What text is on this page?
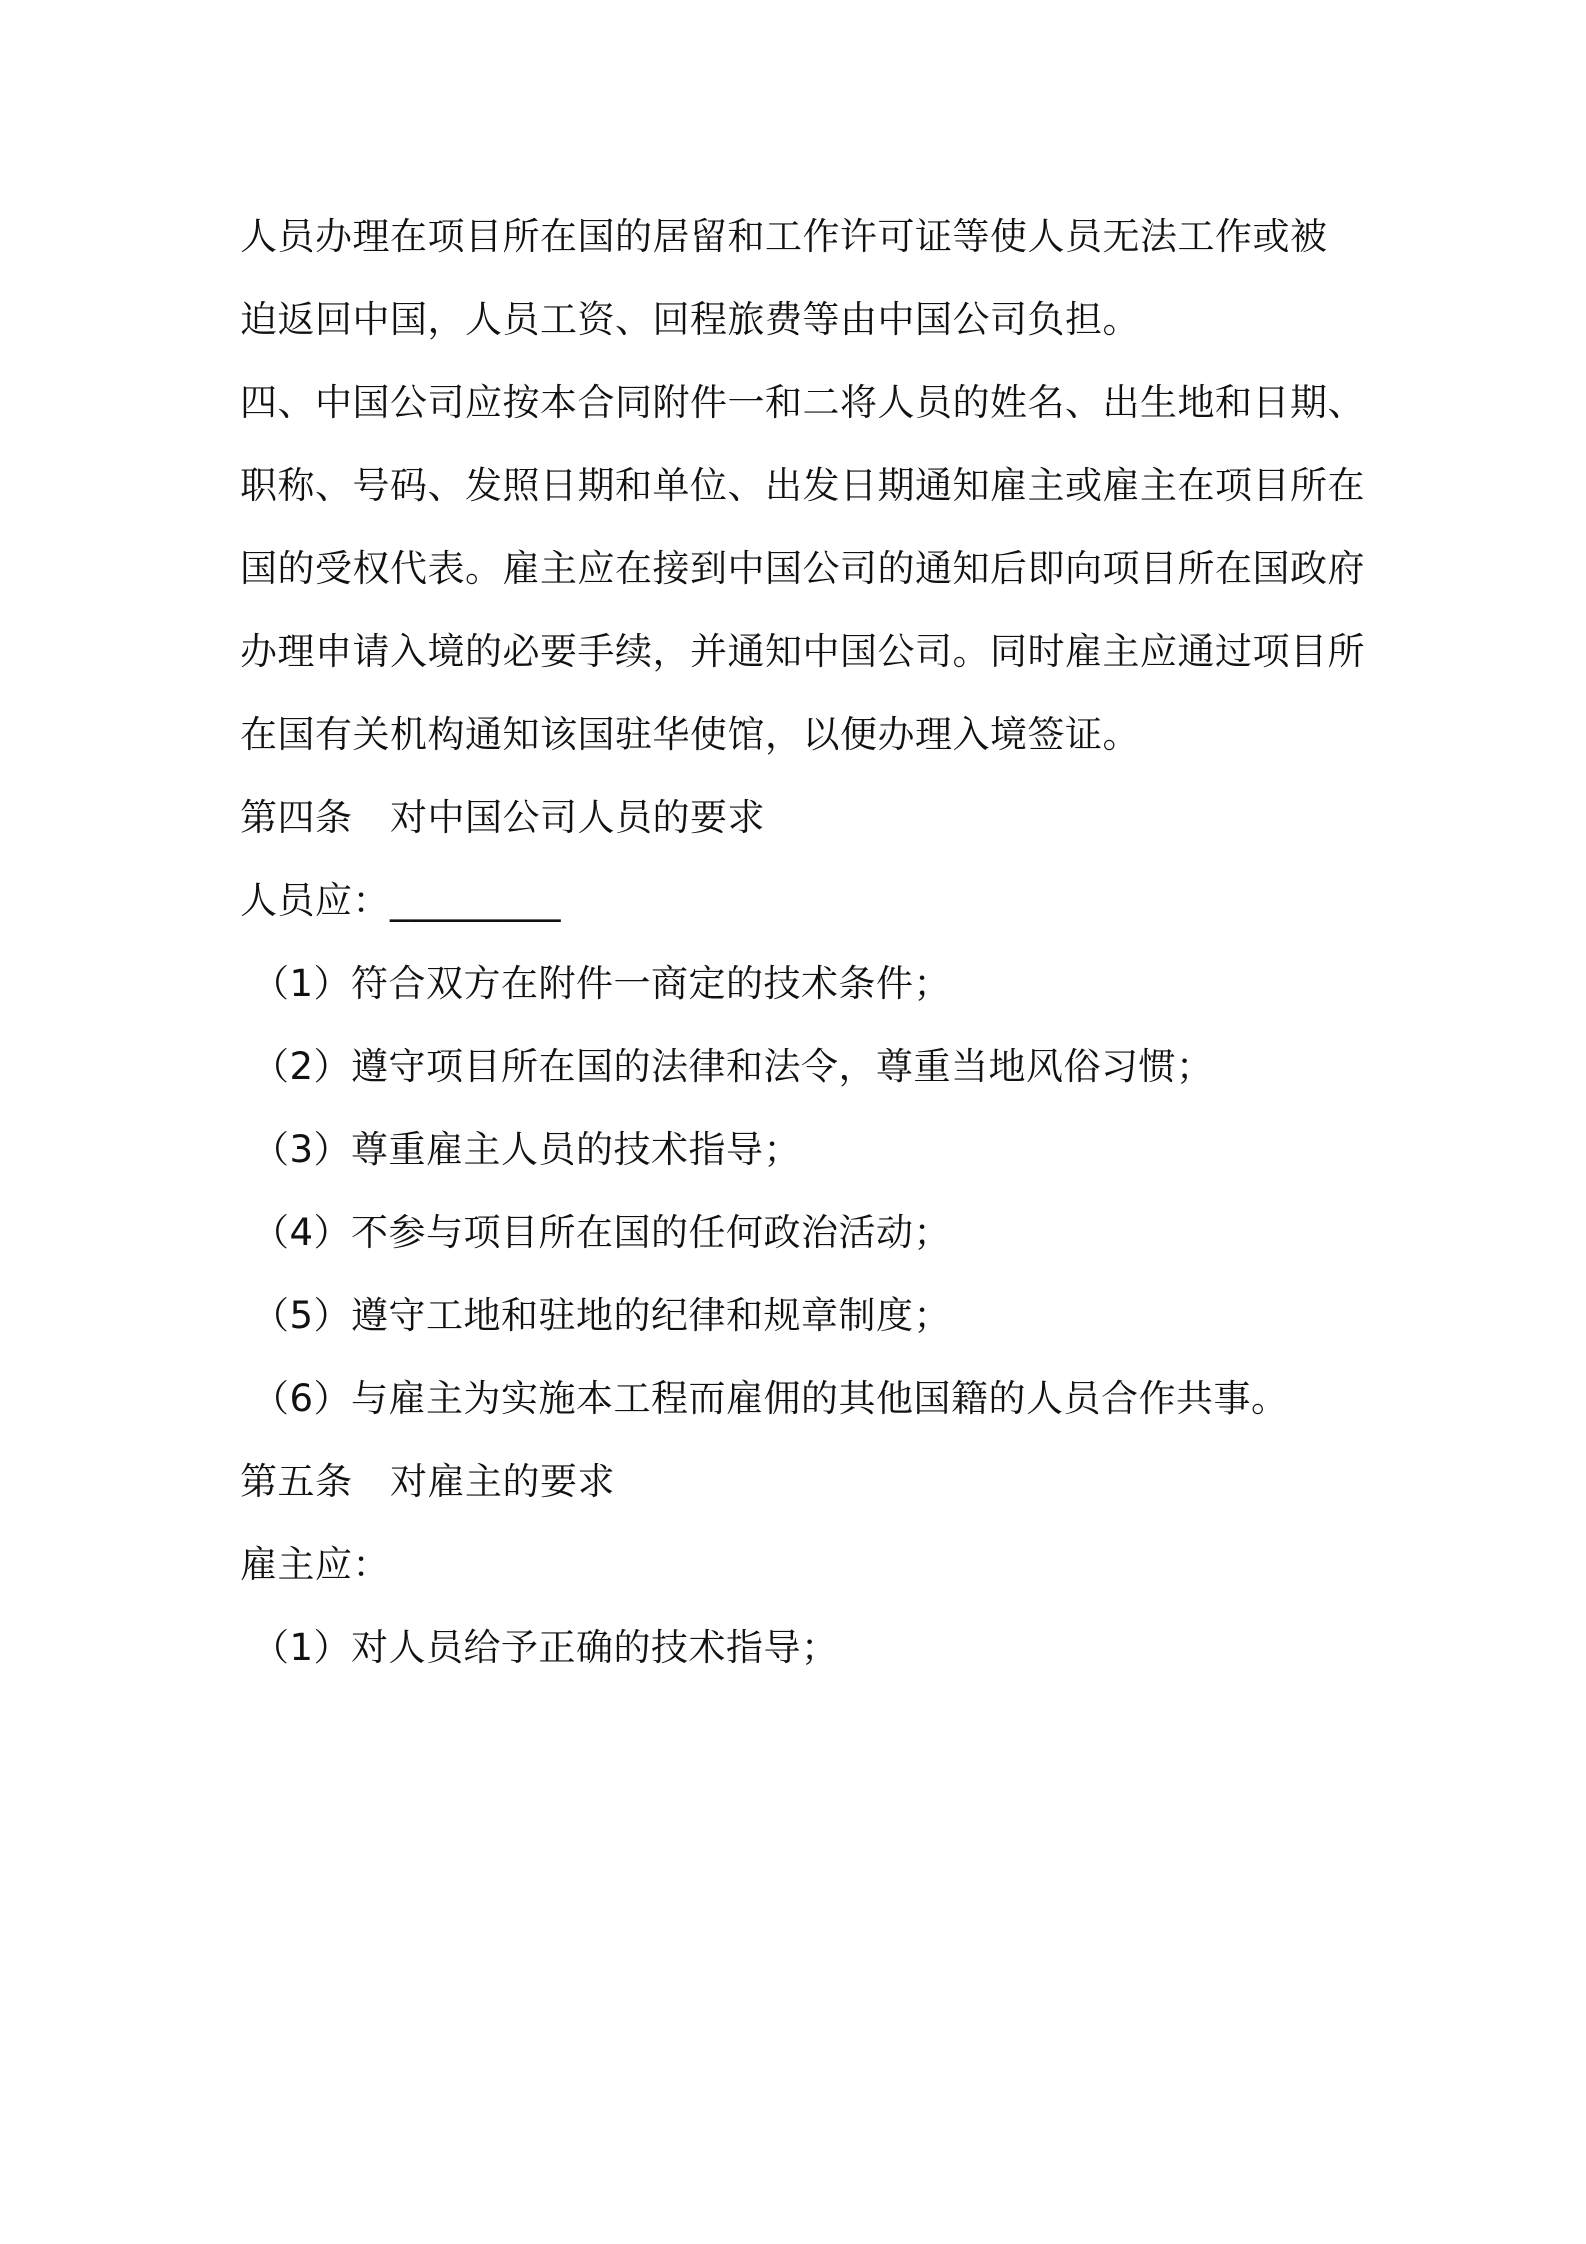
人员办理在项目所在国的居留和工作许可证等使人员无法工作或被
迫返回中国，人员工资、回程旅费等由中国公司负担。
四、中国公司应按本合同附件一和二将人员的姓名、出生地和日期、
职称、号码、发照日期和单位、出发日期通知雇主或雇主在项目所在
国的受权代表。雇主应在接到中国公司的通知后即向项目所在国政府
办理申请入境的必要手续，并通知中国公司。同时雇主应通过项目所
在国有关机构通知该国驻华使馆，以便办理入境签证。
第四条　对中国公司人员的要求
人员应：_________
（1）符合双方在附件一商定的技术条件；
（2）遵守项目所在国的法律和法令，尊重当地风俗习惯；
（3）尊重雇主人员的技术指导；
（4）不参与项目所在国的任何政治活动；
（5）遵守工地和驻地的纪律和规章制度；
（6）与雇主为实施本工程而雇佣的其他国籍的人员合作共事。
第五条　对雇主的要求
雇主应：
（1）对人员给予正确的技术指导；
